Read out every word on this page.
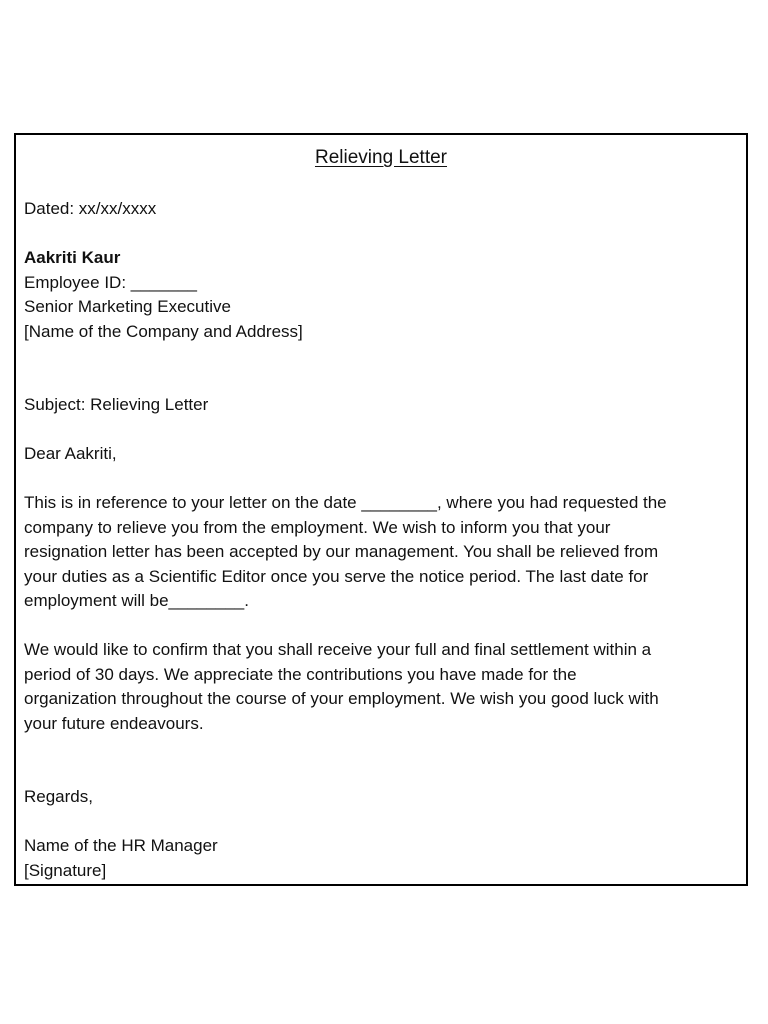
Relieving Letter
Dated: xx/xx/xxxx
Aakriti Kaur
Employee ID: _______
Senior Marketing Executive
[Name of the Company and Address]
Subject: Relieving Letter
Dear Aakriti,
This is in reference to your letter on the date ________, where you had requested the
company to relieve you from the employment. We wish to inform you that your
resignation letter has been accepted by our management. You shall be relieved from
your duties as a Scientific Editor once you serve the notice period. The last date for
employment will be________.
We would like to confirm that you shall receive your full and final settlement within a
period of 30 days. We appreciate the contributions you have made for the
organization throughout the course of your employment. We wish you good luck with
your future endeavours.
Regards,
Name of the HR Manager
[Signature]
